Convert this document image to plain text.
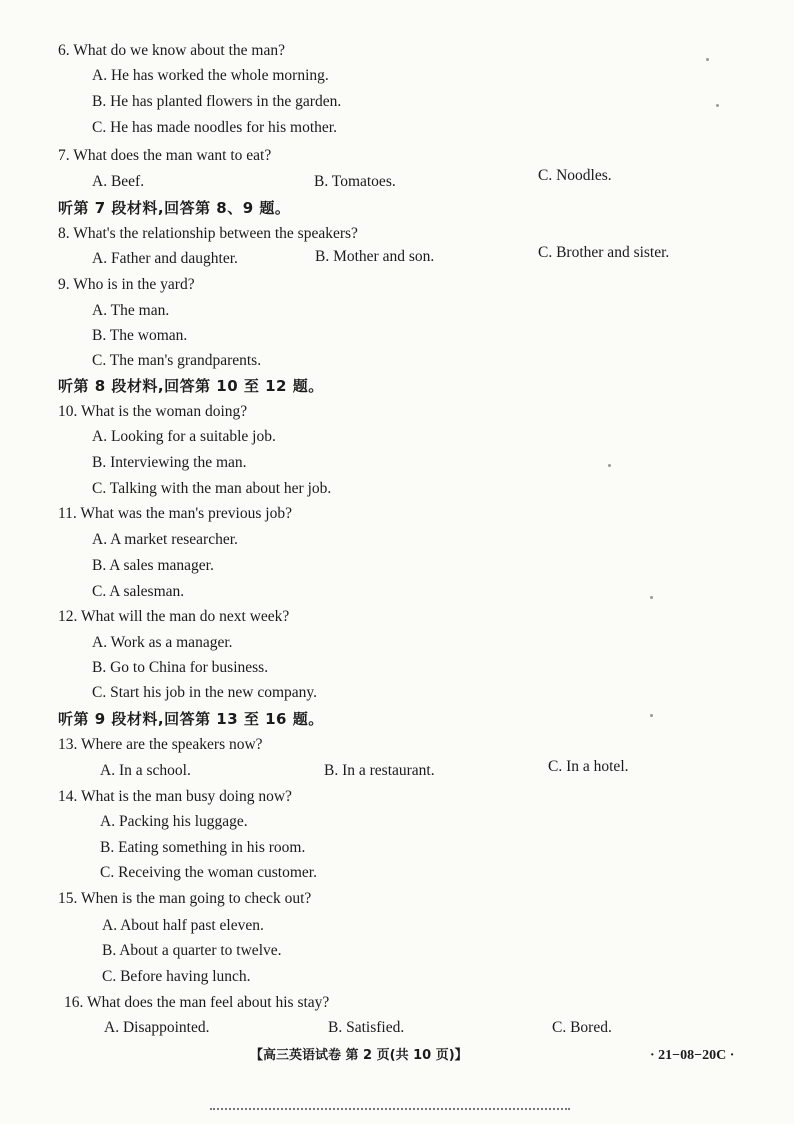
6. What do we know about the man?
A. He has worked the whole morning.
B. He has planted flowers in the garden.
C. He has made noodles for his mother.
7. What does the man want to eat?
A. Beef.	B. Tomatoes.	C. Noodles.
听第 7 段材料,回答第 8、9 题。
8. What's the relationship between the speakers?
A. Father and daughter.	B. Mother and son.	C. Brother and sister.
9. Who is in the yard?
A. The man.
B. The woman.
C. The man's grandparents.
听第 8 段材料,回答第 10 至 12 题。
10. What is the woman doing?
A. Looking for a suitable job.
B. Interviewing the man.
C. Talking with the man about her job.
11. What was the man's previous job?
A. A market researcher.
B. A sales manager.
C. A salesman.
12. What will the man do next week?
A. Work as a manager.
B. Go to China for business.
C. Start his job in the new company.
听第 9 段材料,回答第 13 至 16 题。
13. Where are the speakers now?
A. In a school.	B. In a restaurant.	C. In a hotel.
14. What is the man busy doing now?
A. Packing his luggage.
B. Eating something in his room.
C. Receiving the woman customer.
15. When is the man going to check out?
A. About half past eleven.
B. About a quarter to twelve.
C. Before having lunch.
16. What does the man feel about his stay?
A. Disappointed.	B. Satisfied.	C. Bored.
【高三英语试卷 第 2 页(共 10 页)】	· 21−08−20C ·
